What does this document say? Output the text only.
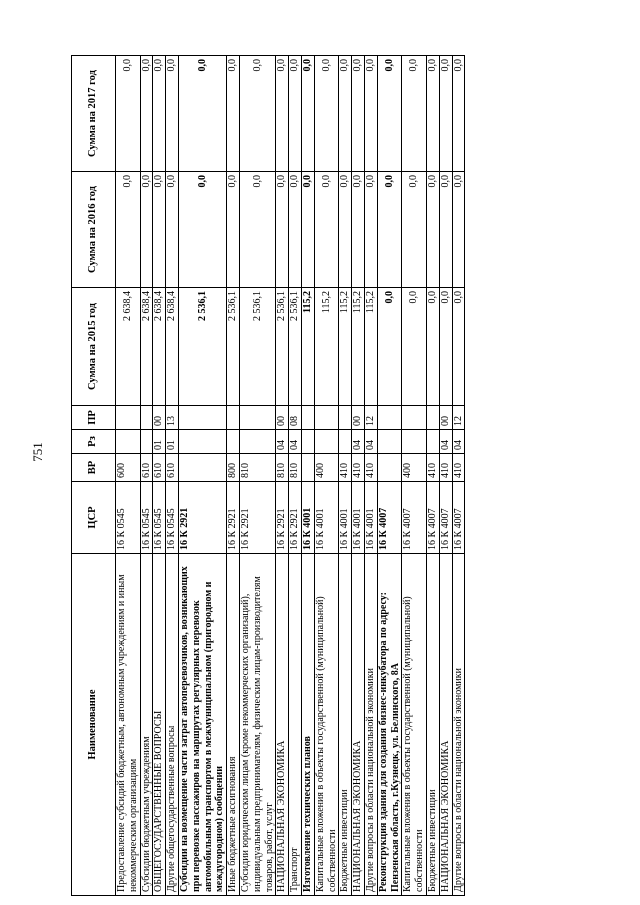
751
Наименование	ЦСР	ВР	Рз	ПР	Сумма на 2015 год	Сумма на 2016 год	Сумма на 2017 год
Предоставление субсидий бюджетным, автономным учреждениям и иным некоммерческим организациям	16 К 0545	600			2 638,4	0,0	0,0
Субсидии бюджетным учреждениям	16 К 0545	610			2 638,4	0,0	0,0
ОБЩЕГОСУДАРСТВЕННЫЕ ВОПРОСЫ	16 К 0545	610	01	00	2 638,4	0,0	0,0
Другие общегосударственные вопросы	16 К 0545	610	01	13	2 638,4	0,0	0,0
Субсидии на возмещение части затрат автоперевозчиков, возникающих при перевозке пассажиров на маршрутах регулярных перевозок автомобильным транспортом в межмуниципальном (пригородном и междугородном) сообщении	16 К 2921				2 536,1	0,0	0,0
Иные бюджетные ассигнования	16 К 2921	800			2 536,1	0,0	0,0
Субсидии юридическим лицам (кроме некоммерческих организаций), индивидуальным предпринимателям, физическим лицам-производителям товаров, работ, услуг	16 К 2921	810			2 536,1	0,0	0,0
НАЦИОНАЛЬНАЯ ЭКОНОМИКА	16 К 2921	810	04	00	2 536,1	0,0	0,0
Транспорт	16 К 2921	810	04	08	2 536,1	0,0	0,0
Изготовление технических планов	16 К 4001				115,2	0,0	0,0
Капитальные вложения в объекты государственной (муниципальной) собственности	16 К 4001	400			115,2	0,0	0,0
Бюджетные инвестиции	16 К 4001	410			115,2	0,0	0,0
НАЦИОНАЛЬНАЯ ЭКОНОМИКА	16 К 4001	410	04	00	115,2	0,0	0,0
Другие вопросы в области национальной экономики	16 К 4001	410	04	12	115,2	0,0	0,0
Реконструкция здания для создания бизнес-инкубатора по адресу: Пензенская область, г.Кузнецк, ул. Белинского, 8А	16 К 4007				0,0	0,0	0,0
Капитальные вложения в объекты государственной (муниципальной) собственности	16 К 4007	400			0,0	0,0	0,0
Бюджетные инвестиции	16 К 4007	410			0,0	0,0	0,0
НАЦИОНАЛЬНАЯ ЭКОНОМИКА	16 К 4007	410	04	00	0,0	0,0	0,0
Другие вопросы в области национальной экономики	16 К 4007	410	04	12	0,0	0,0	0,0
